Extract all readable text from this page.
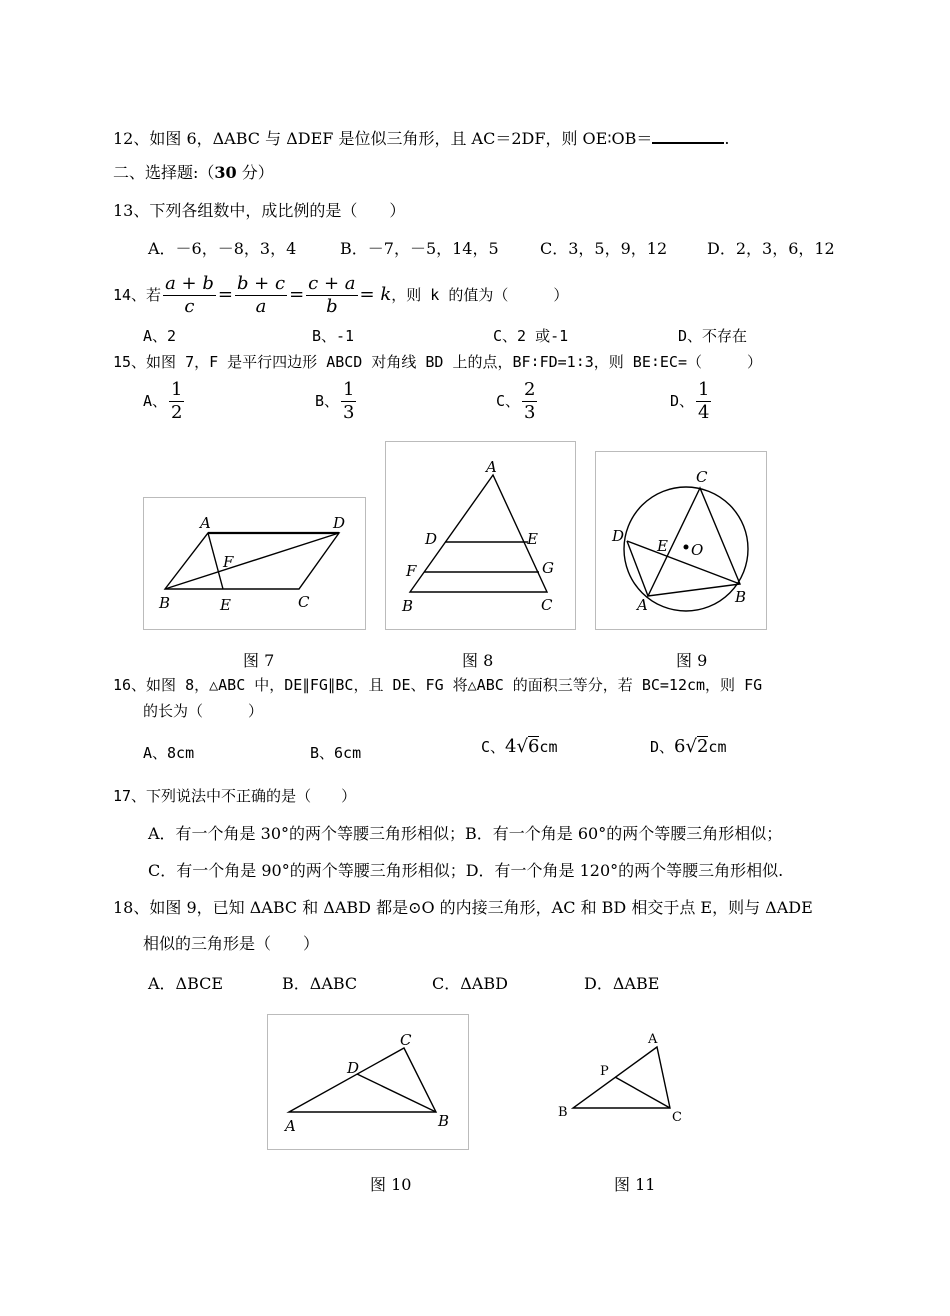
12、如图 6，ΔABC 与 ΔDEF 是位似三角形，且 AC＝2DF，则 OE∶OB＝	.
二、选择题:（30 分）
13、下列各组数中，成比例的是（　　）
A．－6，－8，3，4	B．－7，－5，14，5	C．3，5，9，12 D．2，3，6，12
14、若 $\frac{a + b}{c} = \frac{b + c}{a} = \frac{c + a}{b} = k$ ，则 k 的值为（　　　）
A、2	B、-1	C、2 或-1	D、不存在
15、如图 7，F 是平行四边形 ABCD 对角线 BD 上的点，BF∶FD=1∶3，则 BE∶EC=（　　　）
A、 $\frac{1}{2}$	B、 $\frac{1}{3}$	C、 $\frac{2}{3}$	D、 $\frac{1}{4}$
A	D
F
B	E	C
图 7
A
D	E
F	G
B	C
图 8
C
D
E O
A	B
图 9
16、如图 8，△ABC 中，DE∥FG∥BC，且 DE、FG 将△ABC 的面积三等分，若 BC=12cm，则 FG
的长为（　　　）
A、8cm	B、6cm	C、 4 √ 6 cm	D、 6 √ 2 cm
17、下列说法中不正确的是（　　）
A．有一个角是 30°的两个等腰三角形相似；B．有一个角是 60°的两个等腰三角形相似；
C．有一个角是 90°的两个等腰三角形相似；D．有一个角是 120°的两个等腰三角形相似.
18、如图 9，已知 ΔABC 和 ΔABD 都是⊙O 的内接三角形，AC 和 BD 相交于点 E，则与 ΔADE
相似的三角形是（　　）
A．ΔBCE	B．ΔABC	C．ΔABD	D．ΔABE
C
D
A	B
图 10
A
P
B	C
图 11
